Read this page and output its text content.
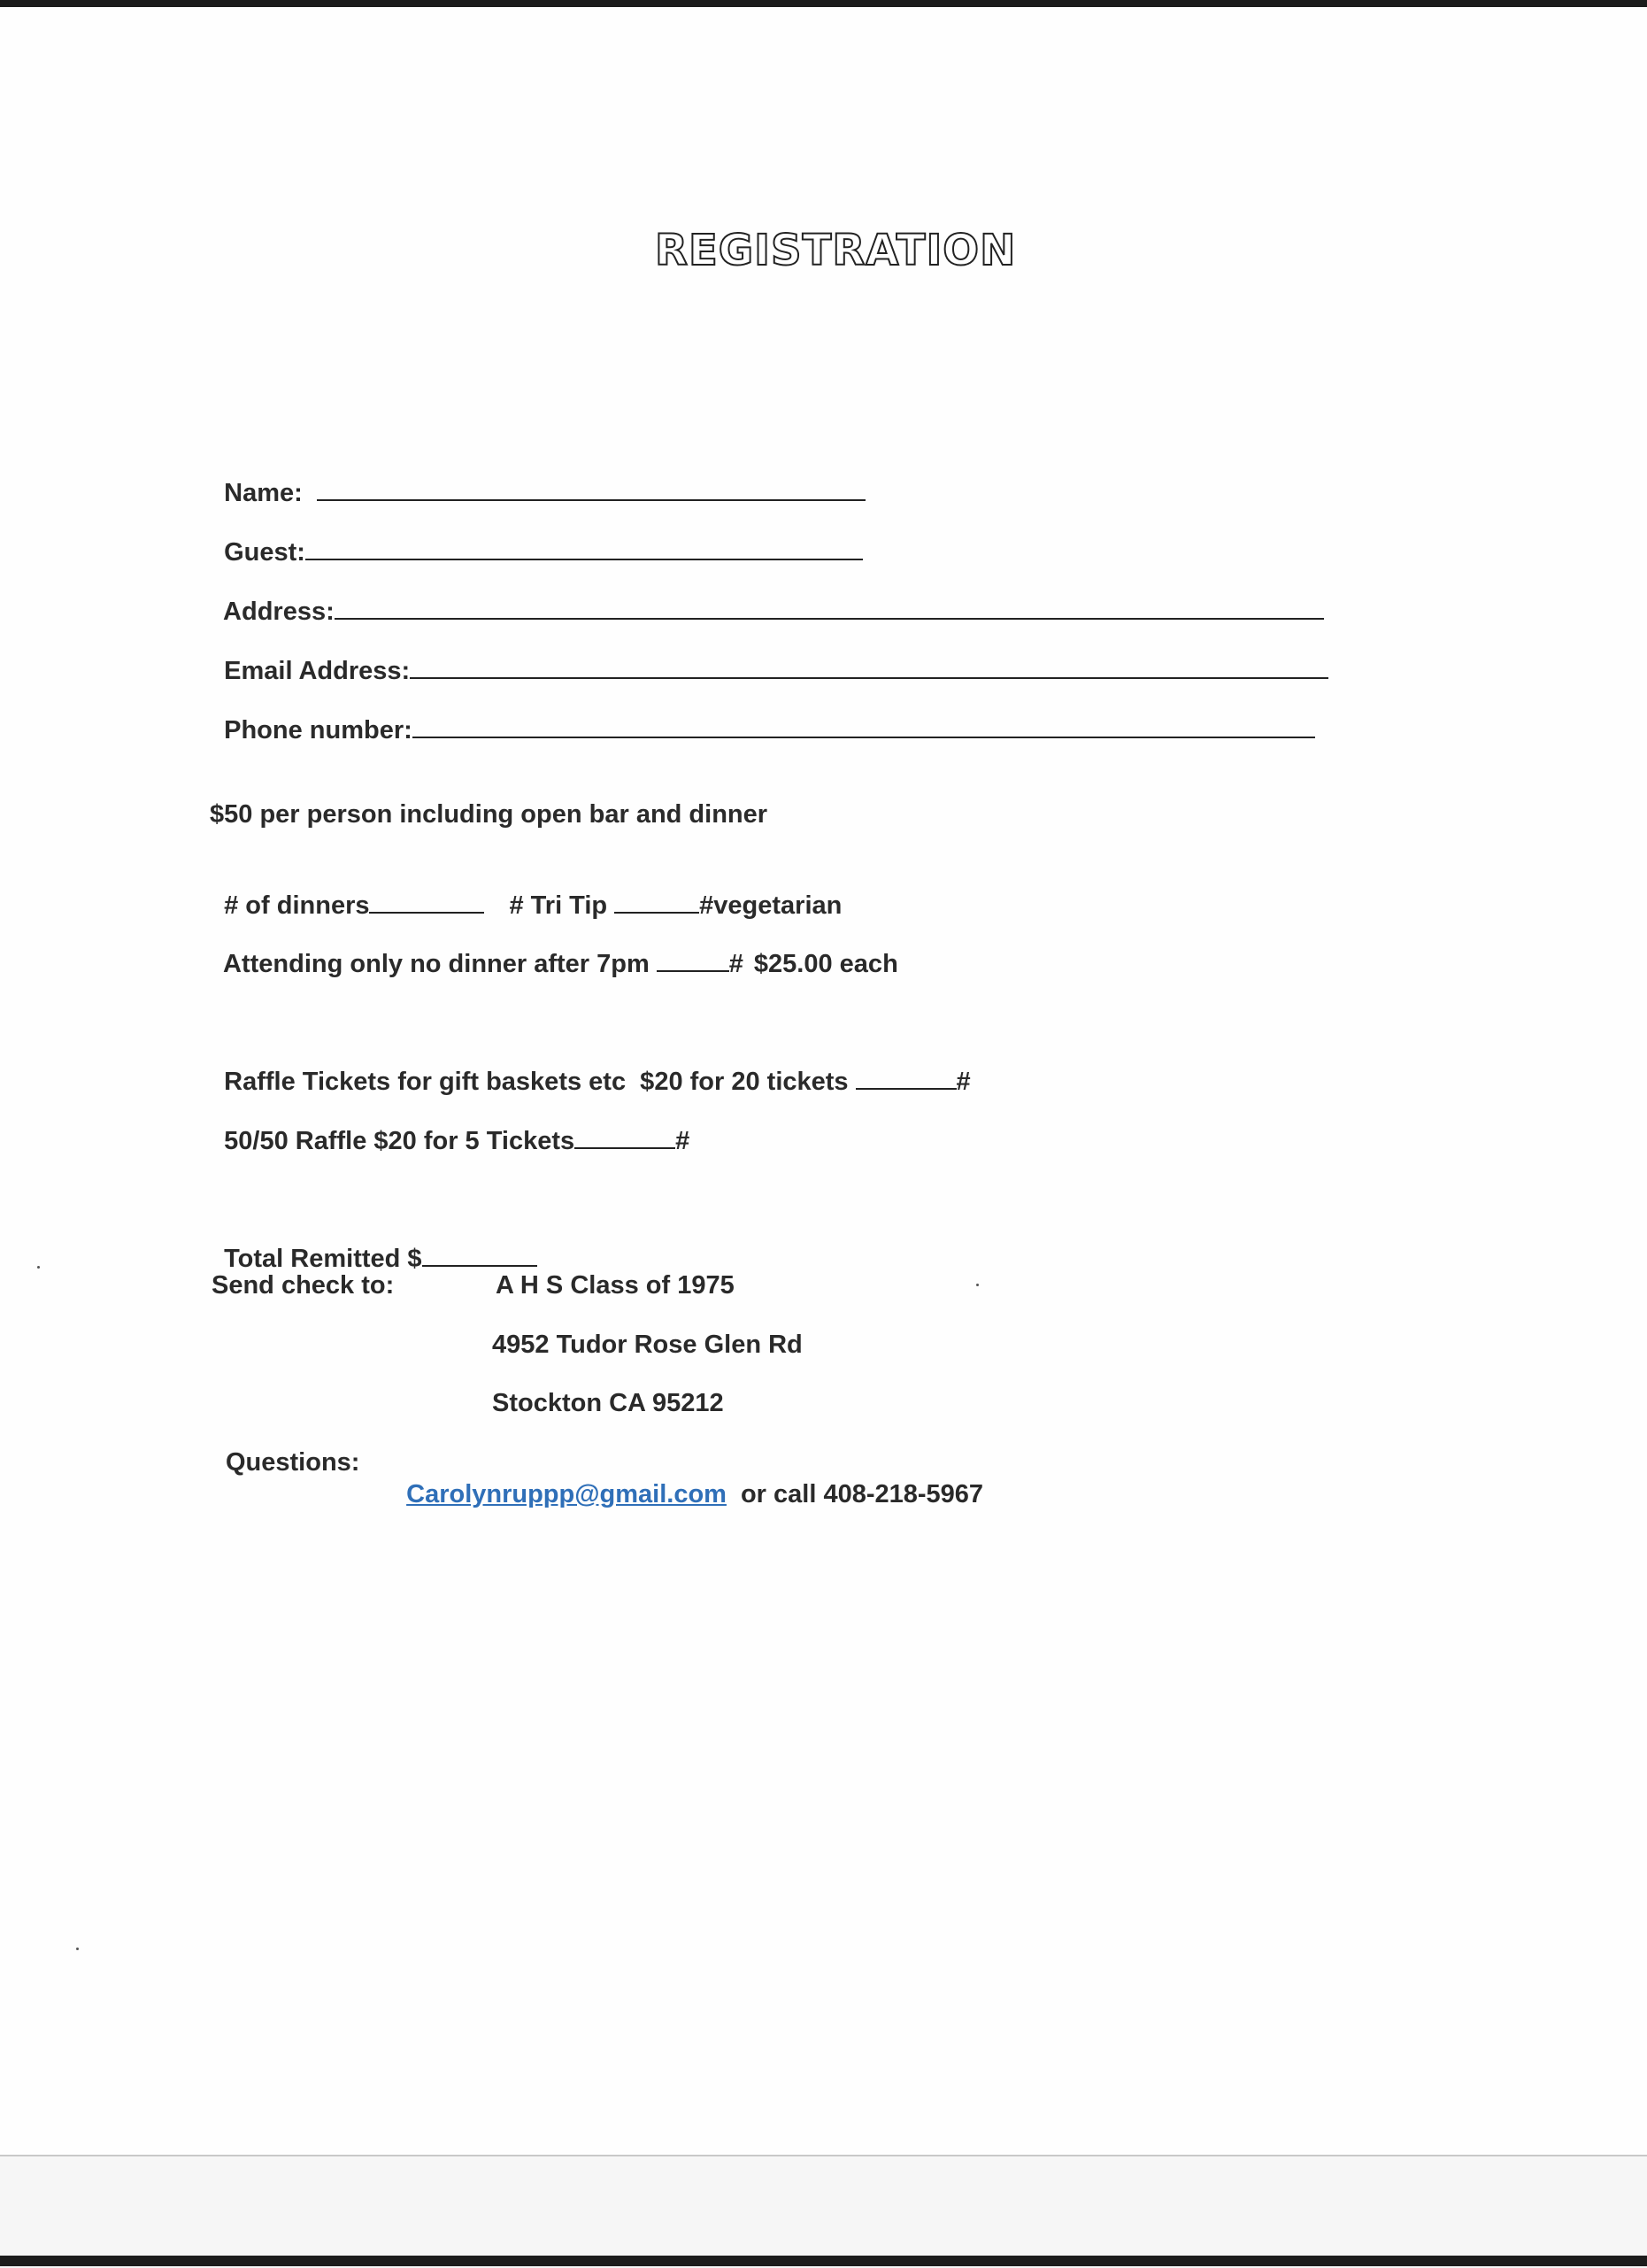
REGISTRATION

Name:

Guest:

Address:

Email Address:

Phone number:

$50 per person including open bar and dinner

# of dinners	# Tri Tip	#vegetarian

Attending only no dinner after 7pm	# $25.00 each

Raffle Tickets for gift baskets etc  $20 for 20 tickets	#

50/50 Raffle $20 for 5 Tickets	#

Total Remitted $

Send check to:	A H S Class of 1975
4952 Tudor Rose Glen Rd
Stockton CA 95212
Questions:

Carolynruppp@gmail.com or call 408-218-5967
